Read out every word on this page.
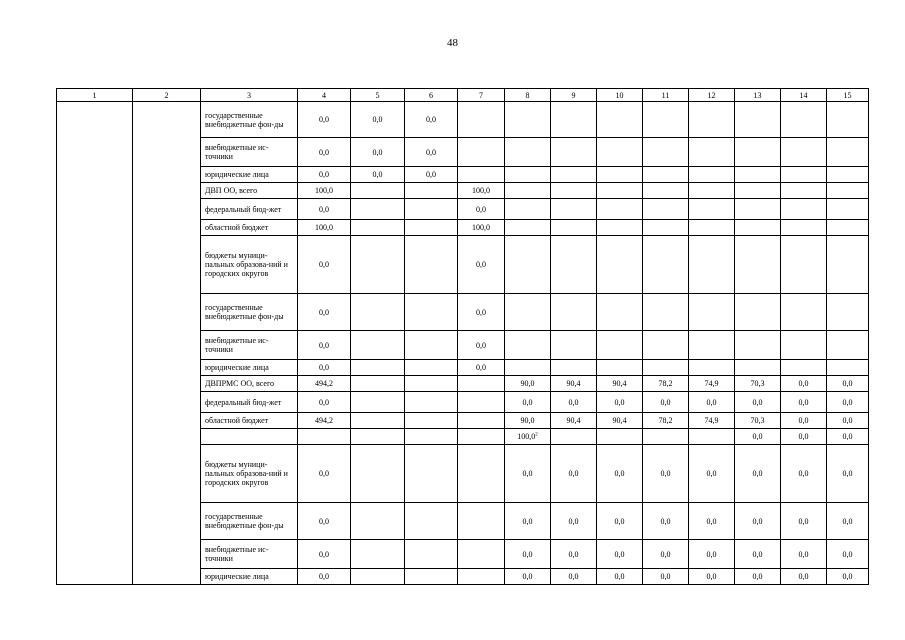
48
1	2	3	4	5	6	7	8	9	10	11	12	13	14	15
		государственные внебюджетные фон-ды	0,0	0,0	0,0									
		внебюджетные ис-точники	0,0	0,0	0,0									
		юридические лица	0,0	0,0	0,0									
		ДВП ОО, всего	100,0			100,0								
		федеральный бюд-жет	0,0			0,0								
		областной бюджет	100,0			100,0								
		бюджеты муници-пальных образова-ний и городских округов	0,0			0,0								
		государственные внебюджетные фон-ды	0,0			0,0								
		внебюджетные ис-точники	0,0			0,0								
		юридические лица	0,0			0,0								
		ДВПРМС ОО, всего	494,2				90,0	90,4	90,4	78,2	74,9	70,3	0,0	0,0
		федеральный бюд-жет	0,0				0,0	0,0	0,0	0,0	0,0	0,0	0,0	0,0
		областной бюджет	494,2				90,0	90,4	90,4	78,2	74,9	70,3	0,0	0,0
							100,0$^2$					0,0	0,0	0,0
		бюджеты муници-пальных образова-ний и городских округов	0,0				0,0	0,0	0,0	0,0	0,0	0,0	0,0	0,0
		государственные внебюджетные фон-ды	0,0				0,0	0,0	0,0	0,0	0,0	0,0	0,0	0,0
		внебюджетные ис-точники	0,0				0,0	0,0	0,0	0,0	0,0	0,0	0,0	0,0
		юридические лица	0,0				0,0	0,0	0,0	0,0	0,0	0,0	0,0	0,0
